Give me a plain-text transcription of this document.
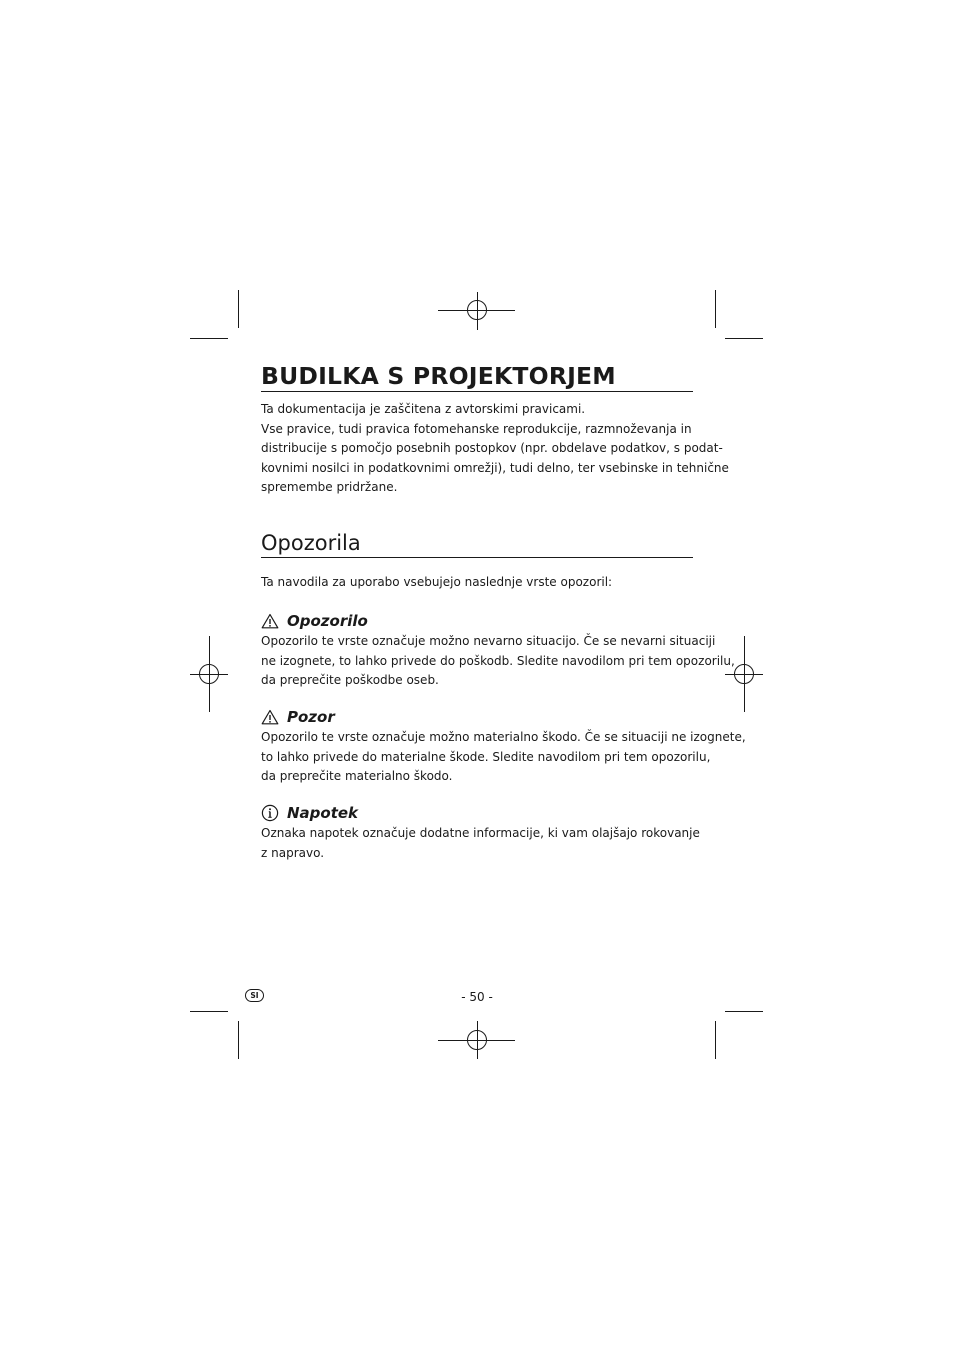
BUDILKA S PROJEKTORJEM

Ta dokumentacija je zaščitena z avtorskimi pravicami.
Vse pravice, tudi pravica fotomehanske reprodukcije, razmnoževanja in
distribucije s pomočjo posebnih postopkov (npr. obdelave podatkov, s podat-
kovnimi nosilci in podatkovnimi omrežji), tudi delno, ter vsebinske in tehnične
spremembe pridržane.

Opozorila

Ta navodila za uporabo vsebujejo naslednje vrste opozoril:

Opozorilo

Opozorilo te vrste označuje možno nevarno situacijo. Če se nevarni situaciji
ne izognete, to lahko privede do poškodb. Sledite navodilom pri tem opozorilu,
da preprečite poškodbe oseb.

Pozor

Opozorilo te vrste označuje možno materialno škodo. Če se situaciji ne izognete,
to lahko privede do materialne škode. Sledite navodilom pri tem opozorilu,
da preprečite materialno škodo.

Napotek

Oznaka napotek označuje dodatne informacije, ki vam olajšajo rokovanje
z napravo.

SI	- 50 -
